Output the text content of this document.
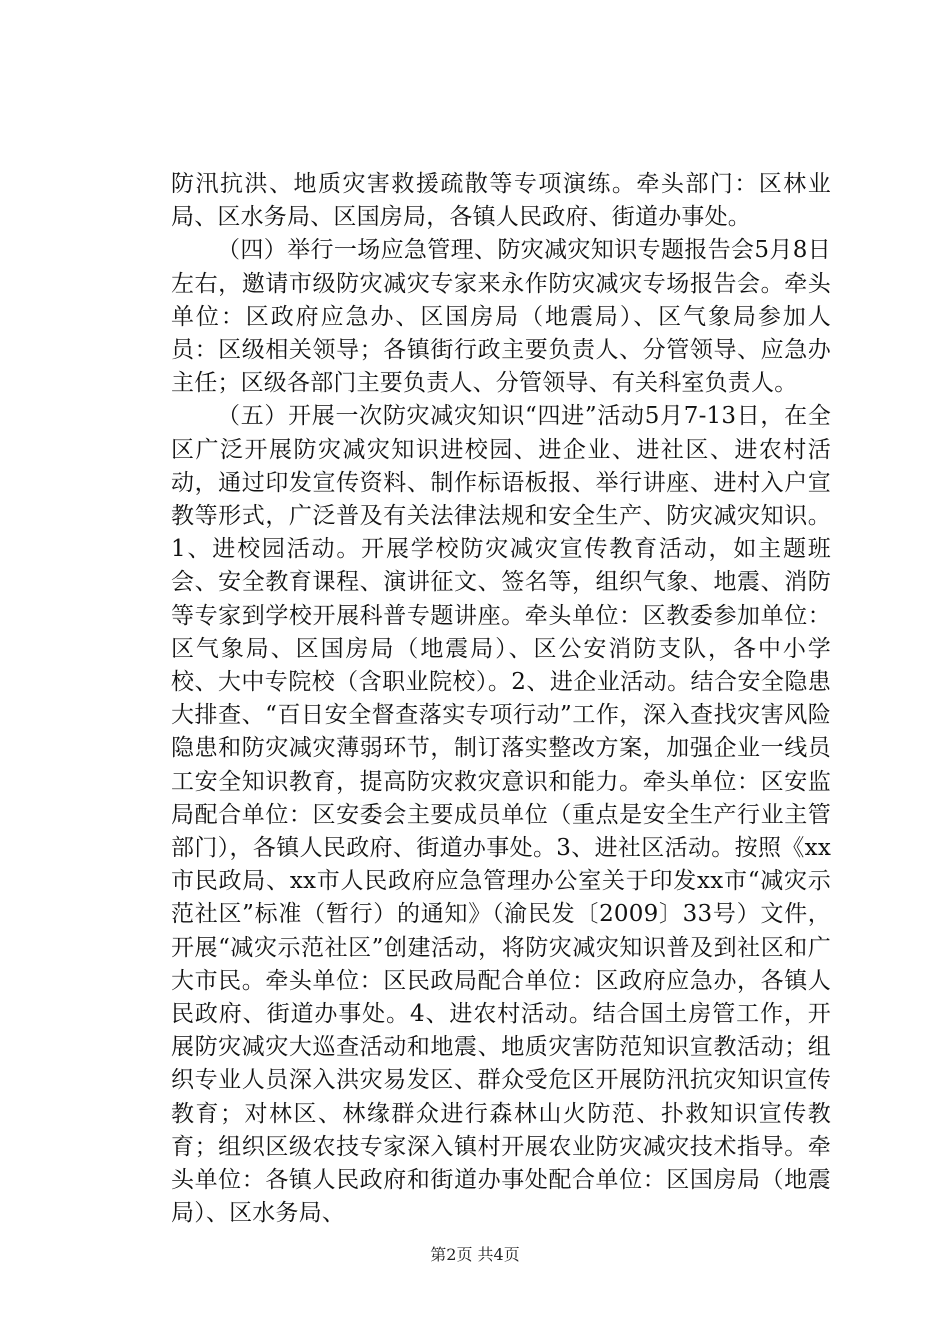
防汛抗洪、地质灾害救援疏散等专项演练。牵头部门：区林业局、区水务局、区国房局，各镇人民政府、街道办事处。

（四）举行一场应急管理、防灾减灾知识专题报告会5月8日左右，邀请市级防灾减灾专家来永作防灾减灾专场报告会。牵头单位：区政府应急办、区国房局（地震局）、区气象局参加人员：区级相关领导；各镇街行政主要负责人、分管领导、应急办主任；区级各部门主要负责人、分管领导、有关科室负责人。

（五）开展一次防灾减灾知识“四进”活动5月7-13日，在全区广泛开展防灾减灾知识进校园、进企业、进社区、进农村活动，通过印发宣传资料、制作标语板报、举行讲座、进村入户宣教等形式，广泛普及有关法律法规和安全生产、防灾减灾知识。1、进校园活动。开展学校防灾减灾宣传教育活动，如主题班会、安全教育课程、演讲征文、签名等，组织气象、地震、消防等专家到学校开展科普专题讲座。牵头单位：区教委参加单位：区气象局、区国房局（地震局）、区公安消防支队，各中小学校、大中专院校（含职业院校）。2、进企业活动。结合安全隐患大排查、“百日安全督查落实专项行动”工作，深入查找灾害风险隐患和防灾减灾薄弱环节，制订落实整改方案，加强企业一线员工安全知识教育，提高防灾救灾意识和能力。牵头单位：区安监局配合单位：区安委会主要成员单位（重点是安全生产行业主管部门），各镇人民政府、街道办事处。3、进社区活动。按照《xx市民政局、xx市人民政府应急管理办公室关于印发xx市“减灾示范社区”标准（暂行）的通知》（渝民发〔2009〕33号）文件，开展“减灾示范社区”创建活动，将防灾减灾知识普及到社区和广大市民。牵头单位：区民政局配合单位：区政府应急办，各镇人民政府、街道办事处。4、进农村活动。结合国土房管工作，开展防灾减灾大巡查活动和地震、地质灾害防范知识宣教活动；组织专业人员深入洪灾易发区、群众受危区开展防汛抗灾知识宣传教育；对林区、林缘群众进行森林山火防范、扑救知识宣传教育；组织区级农技专家深入镇村开展农业防灾减灾技术指导。牵头单位：各镇人民政府和街道办事处配合单位：区国房局（地震局）、区水务局、

第2页 共4页
